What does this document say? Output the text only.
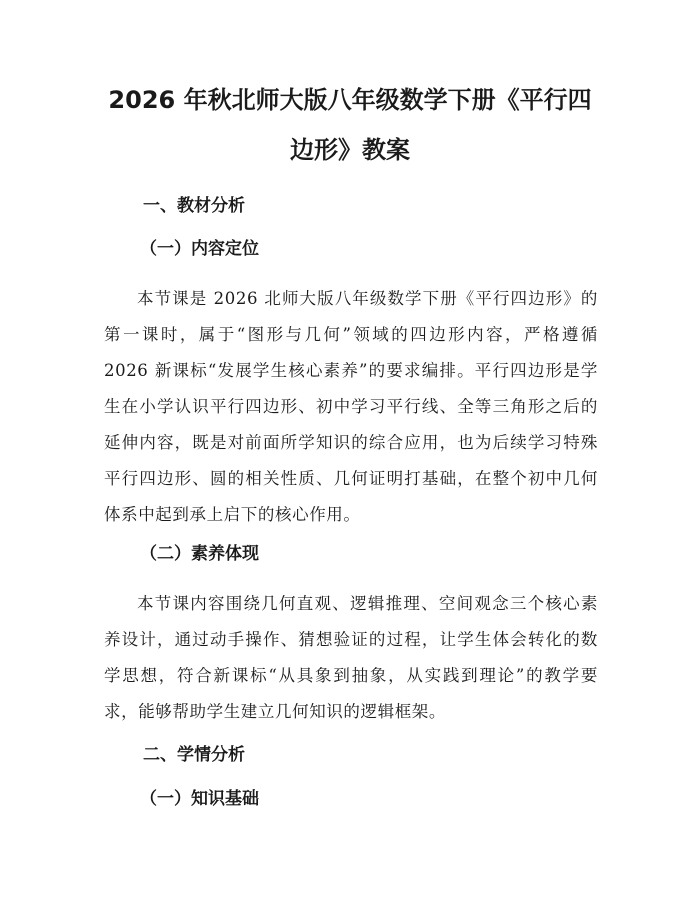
2026 年秋北师大版八年级数学下册《平行四
边形》教案
一、教材分析
（一）内容定位

本节课是 2026 北师大版八年级数学下册《平行四边形》的第一课时，属于“图形与几何”领域的四边形内容，严格遵循 2026 新课标“发展学生核心素养”的要求编排。平行四边形是学生在小学认识平行四边形、初中学习平行线、全等三角形之后的延伸内容，既是对前面所学知识的综合应用，也为后续学习特殊平行四边形、圆的相关性质、几何证明打基础，在整个初中几何体系中起到承上启下的核心作用。

（二）素养体现

本节课内容围绕几何直观、逻辑推理、空间观念三个核心素养设计，通过动手操作、猜想验证的过程，让学生体会转化的数学思想，符合新课标“从具象到抽象，从实践到理论”的教学要求，能够帮助学生建立几何知识的逻辑框架。

二、学情分析
（一）知识基础
